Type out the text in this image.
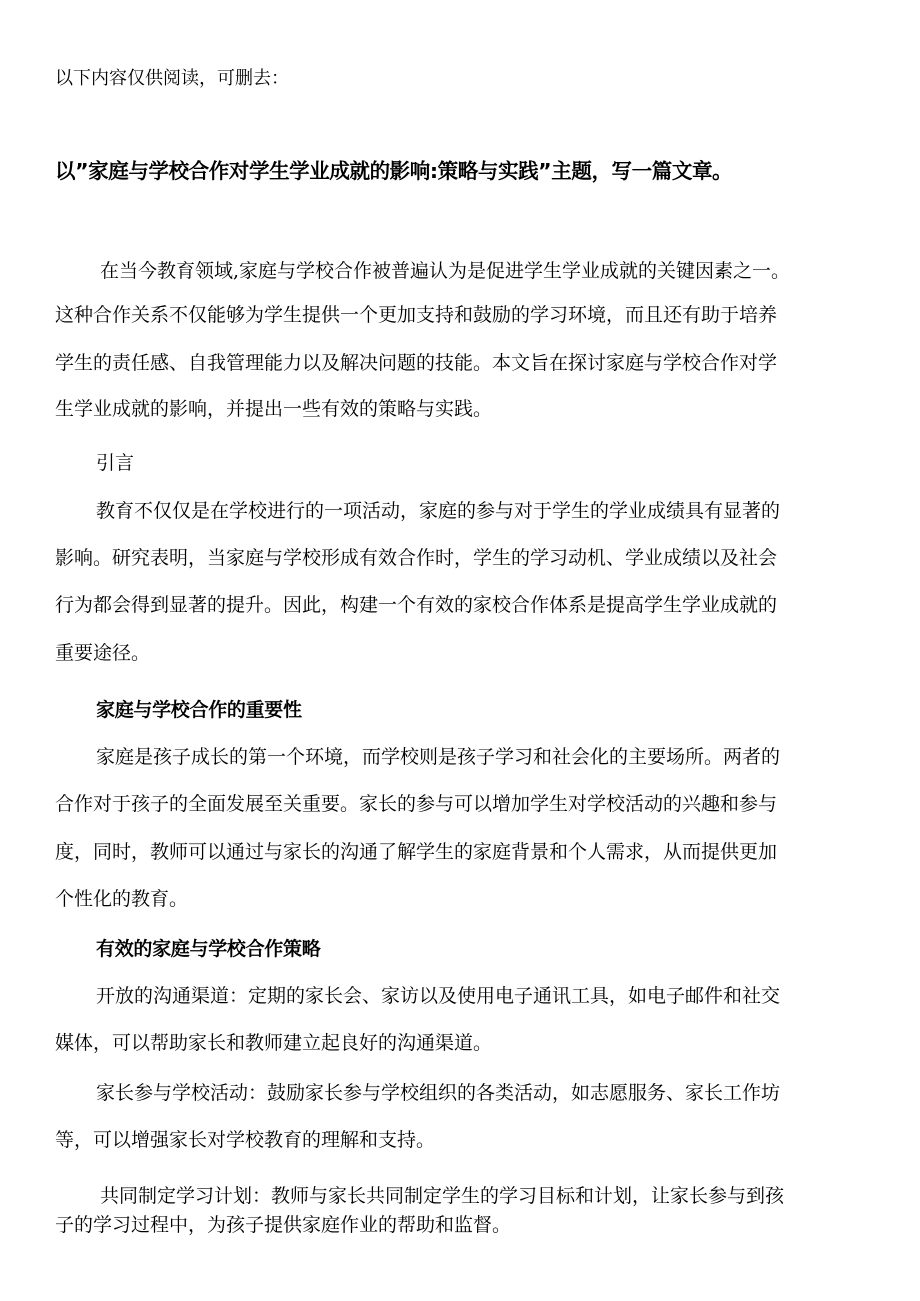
以下内容仅供阅读，可删去：

以”家庭与学校合作对学生学业成就的影响:策略与实践”主题，写一篇文章。

在当今教育领域,家庭与学校合作被普遍认为是促进学生学业成就的关键因素之一。

这种合作关系不仅能够为学生提供一个更加支持和鼓励的学习环境，而且还有助于培养

学生的责任感、自我管理能力以及解决问题的技能。本文旨在探讨家庭与学校合作对学

生学业成就的影响，并提出一些有效的策略与实践。

引言

教育不仅仅是在学校进行的一项活动，家庭的参与对于学生的学业成绩具有显著的

影响。研究表明，当家庭与学校形成有效合作时，学生的学习动机、学业成绩以及社会

行为都会得到显著的提升。因此，构建一个有效的家校合作体系是提高学生学业成就的

重要途径。

家庭与学校合作的重要性

家庭是孩子成长的第一个环境，而学校则是孩子学习和社会化的主要场所。两者的

合作对于孩子的全面发展至关重要。家长的参与可以增加学生对学校活动的兴趣和参与

度，同时，教师可以通过与家长的沟通了解学生的家庭背景和个人需求，从而提供更加

个性化的教育。

有效的家庭与学校合作策略

开放的沟通渠道：定期的家长会、家访以及使用电子通讯工具，如电子邮件和社交

媒体，可以帮助家长和教师建立起良好的沟通渠道。

家长参与学校活动：鼓励家长参与学校组织的各类活动，如志愿服务、家长工作坊

等，可以增强家长对学校教育的理解和支持。

共同制定学习计划：教师与家长共同制定学生的学习目标和计划，让家长参与到孩

子的学习过程中，为孩子提供家庭作业的帮助和监督。
